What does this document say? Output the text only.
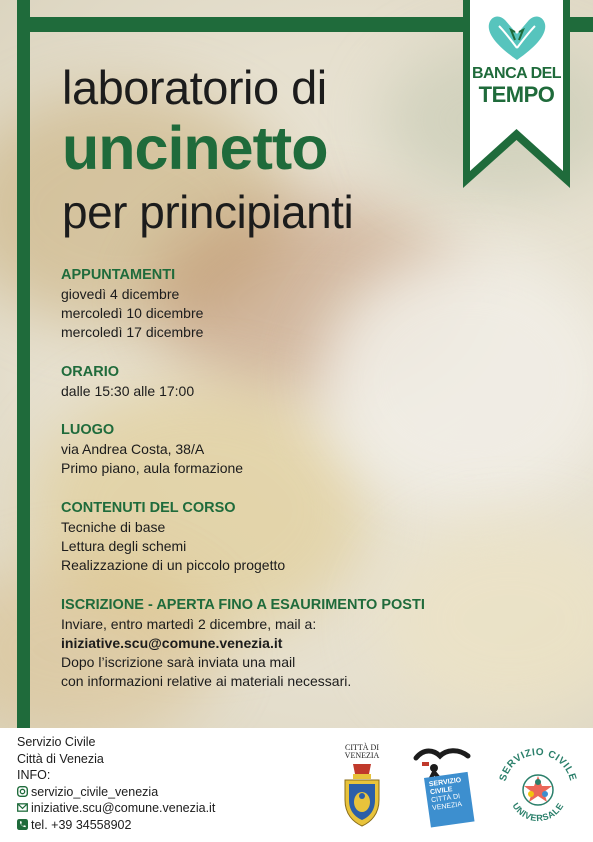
BANCA DEL
TEMPO
laboratorio di
uncinetto
per principianti
APPUNTAMENTI
giovedì 4 dicembre
mercoledì 10 dicembre
mercoledì 17 dicembre
ORARIO
dalle 15:30 alle 17:00
LUOGO
via Andrea Costa, 38/A
Primo piano, aula formazione
CONTENUTI DEL CORSO
Tecniche di base
Lettura degli schemi
Realizzazione di un piccolo progetto
ISCRIZIONE - APERTA FINO A ESAURIMENTO POSTI
Inviare, entro martedì 2 dicembre, mail a:
iniziative.scu@comune.venezia.it
Dopo l’iscrizione sarà inviata una mail
con informazioni relative ai materiali necessari.
Servizio Civile
Città di Venezia
INFO:
servizio_civile_venezia
iniziative.scu@comune.venezia.it
tel. +39 34558902
CITTÀ DI
VENEZIA
SERVIZIO
CIVILE
CITTÀ DI
VENEZIA
SERVIZIO CIVILE
UNIVERSALE
